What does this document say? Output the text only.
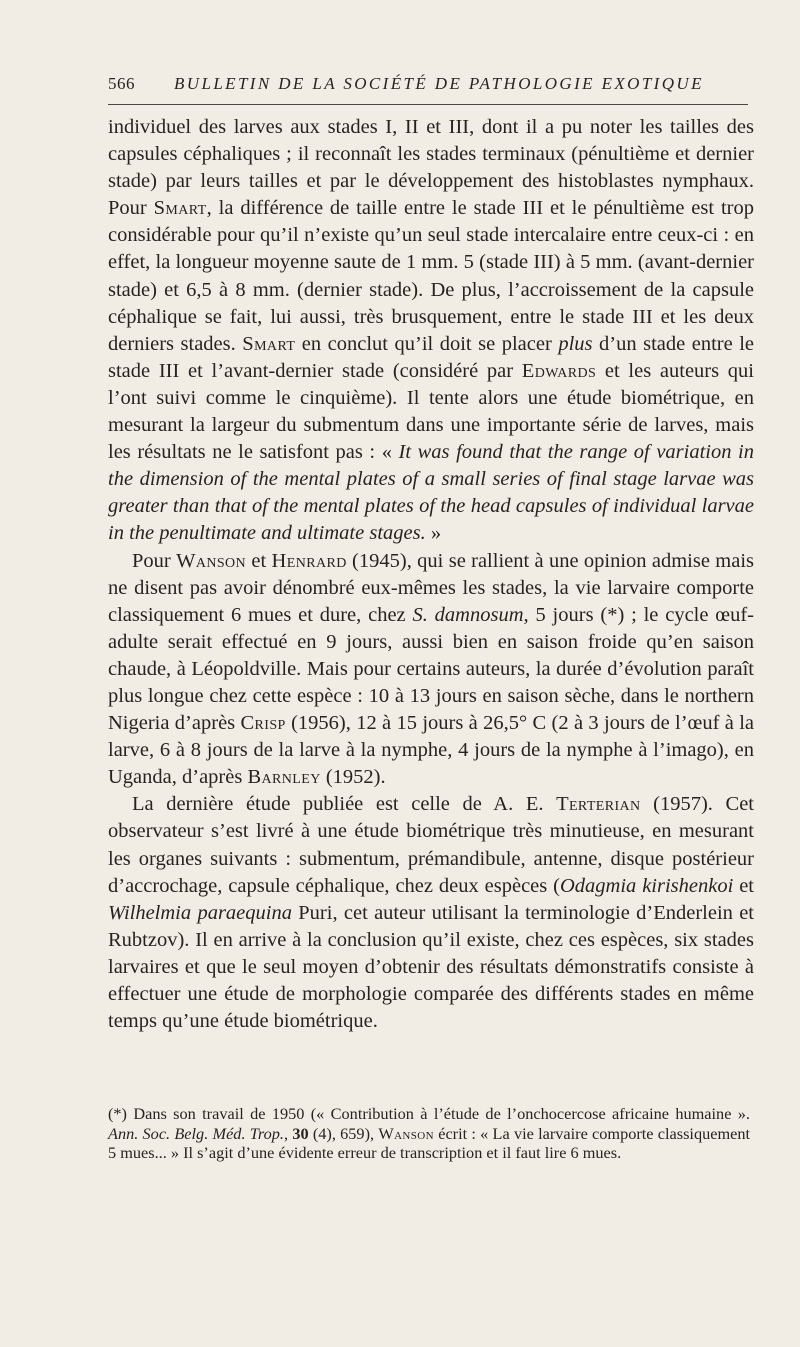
566 BULLETIN DE LA SOCIÉTÉ DE PATHOLOGIE EXOTIQUE

individuel des larves aux stades I, II et III, dont il a pu noter les tailles des capsules céphaliques ; il reconnaît les stades terminaux (pénultième et dernier stade) par leurs tailles et par le développement des histoblastes nymphaux. Pour Smart, la différence de taille entre le stade III et le pénultième est trop considérable pour qu’il n’existe qu’un seul stade intercalaire entre ceux-ci : en effet, la longueur moyenne saute de 1 mm. 5 (stade III) à 5 mm. (avant-dernier stade) et 6,5 à 8 mm. (dernier stade). De plus, l’accroissement de la capsule céphalique se fait, lui aussi, très brusquement, entre le stade III et les deux derniers stades. Smart en conclut qu’il doit se placer plus d’un stade entre le stade III et l’avant-dernier stade (considéré par Edwards et les auteurs qui l’ont suivi comme le cinquième). Il tente alors une étude biométrique, en mesurant la largeur du submentum dans une importante série de larves, mais les résultats ne le satisfont pas : « It was found that the range of variation in the dimension of the mental plates of a small series of final stage larvae was greater than that of the mental plates of the head capsules of individual larvae in the penultimate and ultimate stages. »

Pour Wanson et Henrard (1945), qui se rallient à une opinion admise mais ne disent pas avoir dénombré eux-mêmes les stades, la vie larvaire comporte classiquement 6 mues et dure, chez S. damnosum, 5 jours (*) ; le cycle œuf-adulte serait effectué en 9 jours, aussi bien en saison froide qu’en saison chaude, à Léopoldville. Mais pour certains auteurs, la durée d’évolution paraît plus longue chez cette espèce : 10 à 13 jours en saison sèche, dans le northern Nigeria d’après Crisp (1956), 12 à 15 jours à 26,5° C (2 à 3 jours de l’œuf à la larve, 6 à 8 jours de la larve à la nymphe, 4 jours de la nymphe à l’imago), en Uganda, d’après Barnley (1952).

La dernière étude publiée est celle de A. E. Terterian (1957). Cet observateur s’est livré à une étude biométrique très minutieuse, en mesurant les organes suivants : submentum, prémandibule, antenne, disque postérieur d’accrochage, capsule céphalique, chez deux espèces (Odagmia kirishenkoi et Wilhelmia paraequina Puri, cet auteur utilisant la terminologie d’Enderlein et Rubtzov). Il en arrive à la conclusion qu’il existe, chez ces espèces, six stades larvaires et que le seul moyen d’obtenir des résultats démonstratifs consiste à effectuer une étude de morphologie comparée des différents stades en même temps qu’une étude biométrique.

(*) Dans son travail de 1950 (« Contribution à l’étude de l’onchocercose africaine humaine ». Ann. Soc. Belg. Méd. Trop., 30 (4), 659), Wanson écrit : « La vie larvaire comporte classiquement 5 mues... » Il s’agit d’une évidente erreur de transcription et il faut lire 6 mues.
